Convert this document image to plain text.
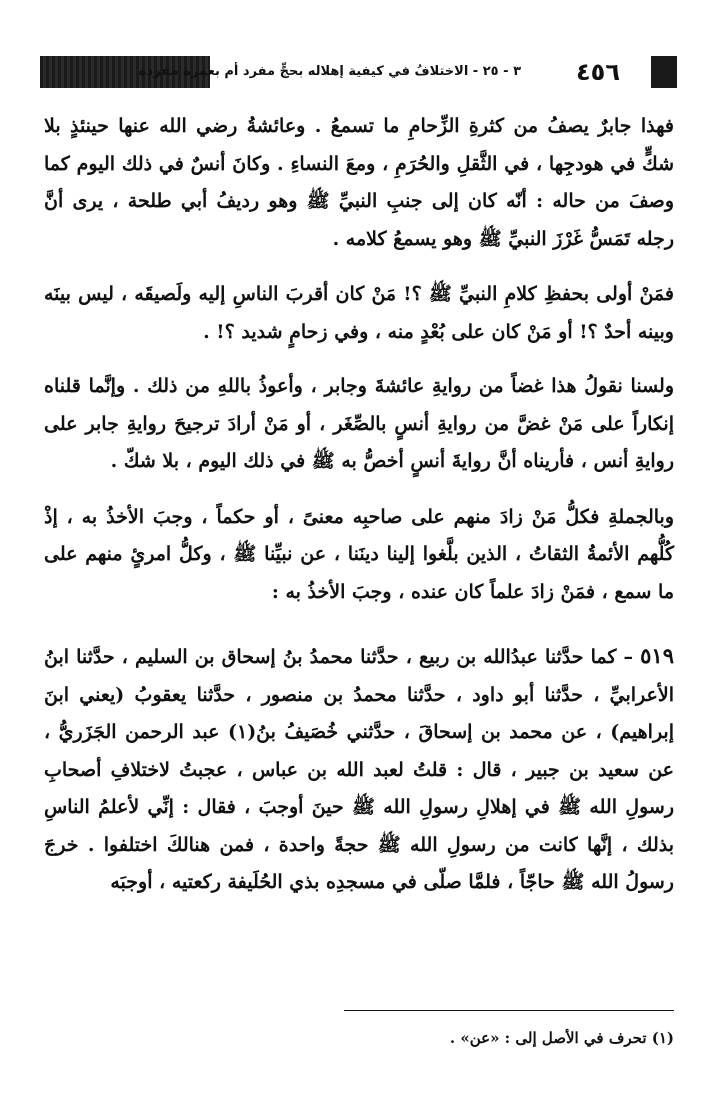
٣ - ٢٥ - الاختلافُ في كيفية إهلاله بحجٍّ مفرد أم بعمرة مفردة	٤٥٦

فهذا جابرٌ يصفُ من كثرةِ الزِّحامِ ما تسمعُ . وعائشةُ رضي الله عنها حينئذٍ بلا شكٍّ في هودجِها ، في الثَّقلِ والحُرَمِ ، ومعَ النساءِ . وكانَ أنسٌ في ذلك اليوم كما وصفَ من حاله : أنّه كان إلى جنبِ النبيِّ ﷺ وهو رديفُ أبي طلحة ، يرى أنَّ رجله تَمَسُّ غَرْزَ النبيِّ ﷺ وهو يسمعُ كلامه .

فمَنْ أولى بحفظِ كلامِ النبيِّ ﷺ ؟! مَنْ كان أقربَ الناسِ إليه ولَصيقَه ، ليس بينَه وبينه أحدٌ ؟! أو مَنْ كان على بُعْدٍ منه ، وفي زحامٍ شديد ؟! .

ولسنا نقولُ هذا غضاً من روايةِ عائشةَ وجابر ، وأعوذُ باللهِ من ذلك . وإنَّما قلناه إنكاراً على مَنْ غضَّ من روايةِ أنسٍ بالصِّغَر ، أو مَنْ أرادَ ترجيحَ روايةِ جابر على روايةِ أنس ، فأريناه أنَّ روايةَ أنسٍ أخصُّ به ﷺ في ذلك اليوم ، بلا شكّ .

وبالجملةِ فكلُّ مَنْ زادَ منهم على صاحبِه معنىً ، أو حكماً ، وجبَ الأخذُ به ، إذْ كُلُّهم الأئمةُ الثقاتُ ، الذين بلَّغوا إلينا دينَنا ، عن نبيِّنا ﷺ ، وكلُّ امرئٍ منهم على ما سمع ، فمَنْ زادَ علماً كان عنده ، وجبَ الأخذُ به :

٥١٩ – كما حدَّثنا عبدُالله بن ربيع ، حدَّثنا محمدُ بنُ إسحاق بن السليم ، حدَّثنا ابنُ الأعرابيِّ ، حدَّثنا أبو داود ، حدَّثنا محمدُ بن منصور ، حدَّثنا يعقوبُ (يعني ابنَ إبراهيم) ، عن محمد بن إسحاقَ ، حدَّثني خُصَيفُ بنُ(١) عبد الرحمن الجَزَريُّ ، عن سعيد بن جبير ، قال : قلتُ لعبد الله بن عباس ، عجبتُ لاختلافِ أصحابِ رسولِ الله ﷺ في إهلالِ رسولِ الله ﷺ حينَ أوجبَ ، فقال : إنِّي لأعلمُ الناسِ بذلك ، إنَّها كانت من رسولِ الله ﷺ حجةً واحدة ، فمن هنالكَ اختلفوا . خرجَ رسولُ الله ﷺ حاجّاً ، فلمَّا صلّى في مسجدِه بذي الحُلَيفة ركعتيه ، أوجبَه

(١) تحرف في الأصل إلى : «عن» .
